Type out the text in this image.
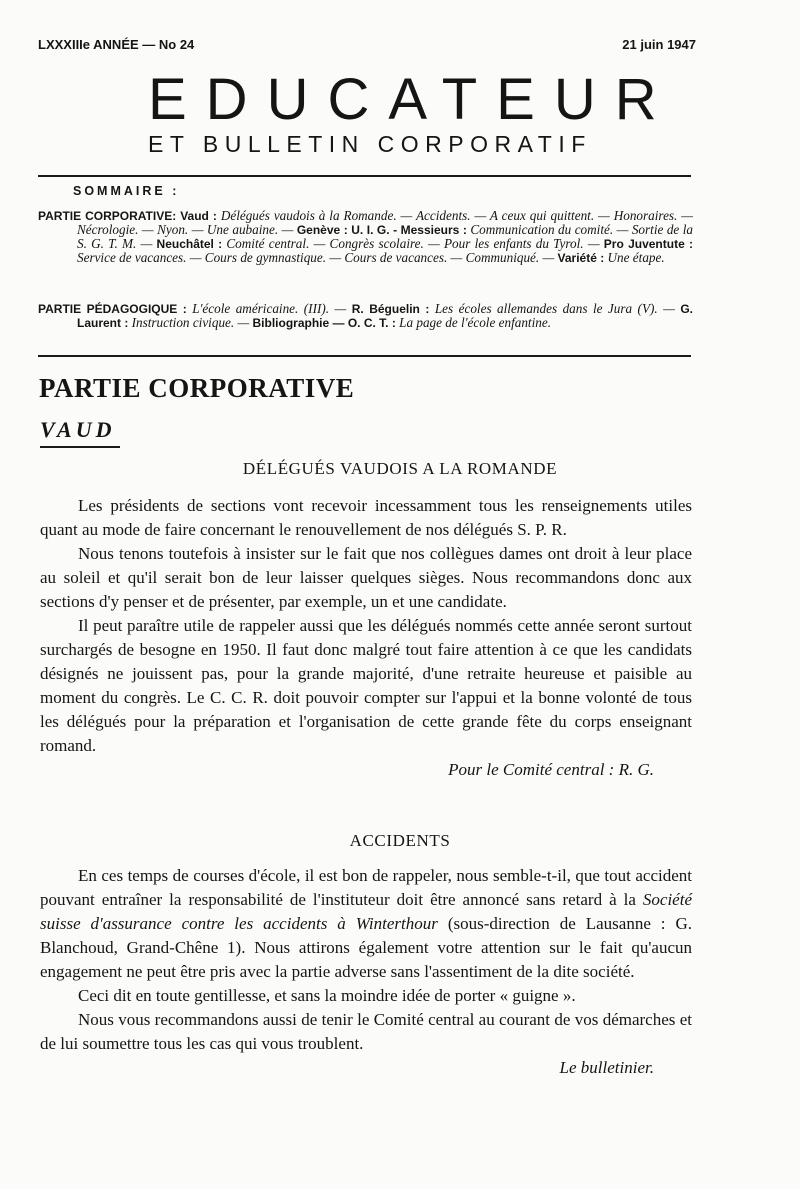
LXXXIIIe ANNÉE — No 24	21 juin 1947
EDUCATEUR
ET BULLETIN CORPORATIF
SOMMAIRE :
PARTIE CORPORATIVE: Vaud : Délégués vaudois à la Romande. — Accidents. — A ceux qui quittent. — Honoraires. — Nécrologie. — Nyon. — Une aubaine. — Genève : U. I. G. - Messieurs : Communication du comité. — Sortie de la S. G. T. M. — Neuchâtel : Comité central. — Congrès scolaire. — Pour les enfants du Tyrol. — Pro Juventute : Service de vacances. — Cours de gymnastique. — Cours de vacances. — Communiqué. — Variété : Une étape.
PARTIE PÉDAGOGIQUE : L'école américaine. (III). — R. Béguelin : Les écoles allemandes dans le Jura (V). — G. Laurent : Instruction civique. — Bibliographie — O. C. T. : La page de l'école enfantine.
PARTIE CORPORATIVE
VAUD
DÉLÉGUÉS VAUDOIS A LA ROMANDE

Les présidents de sections vont recevoir incessamment tous les renseignements utiles quant au mode de faire concernant le renouvellement de nos délégués S. P. R.

Nous tenons toutefois à insister sur le fait que nos collègues dames ont droit à leur place au soleil et qu'il serait bon de leur laisser quelques sièges. Nous recommandons donc aux sections d'y penser et de présenter, par exemple, un et une candidate.

Il peut paraître utile de rappeler aussi que les délégués nommés cette année seront surtout surchargés de besogne en 1950. Il faut donc malgré tout faire attention à ce que les candidats désignés ne jouissent pas, pour la grande majorité, d'une retraite heureuse et paisible au moment du congrès. Le C. C. R. doit pouvoir compter sur l'appui et la bonne volonté de tous les délégués pour la préparation et l'organisation de cette grande fête du corps enseignant romand.

Pour le Comité central : R. G.
ACCIDENTS

En ces temps de courses d'école, il est bon de rappeler, nous semble-t-il, que tout accident pouvant entraîner la responsabilité de l'instituteur doit être annoncé sans retard à la Société suisse d'assurance contre les accidents à Winterthour (sous-direction de Lausanne : G. Blanchoud, Grand-Chêne 1). Nous attirons également votre attention sur le fait qu'aucun engagement ne peut être pris avec la partie adverse sans l'assentiment de la dite société.

Ceci dit en toute gentillesse, et sans la moindre idée de porter « guigne ».

Nous vous recommandons aussi de tenir le Comité central au courant de vos démarches et de lui soumettre tous les cas qui vous troublent.

Le bulletinier.
